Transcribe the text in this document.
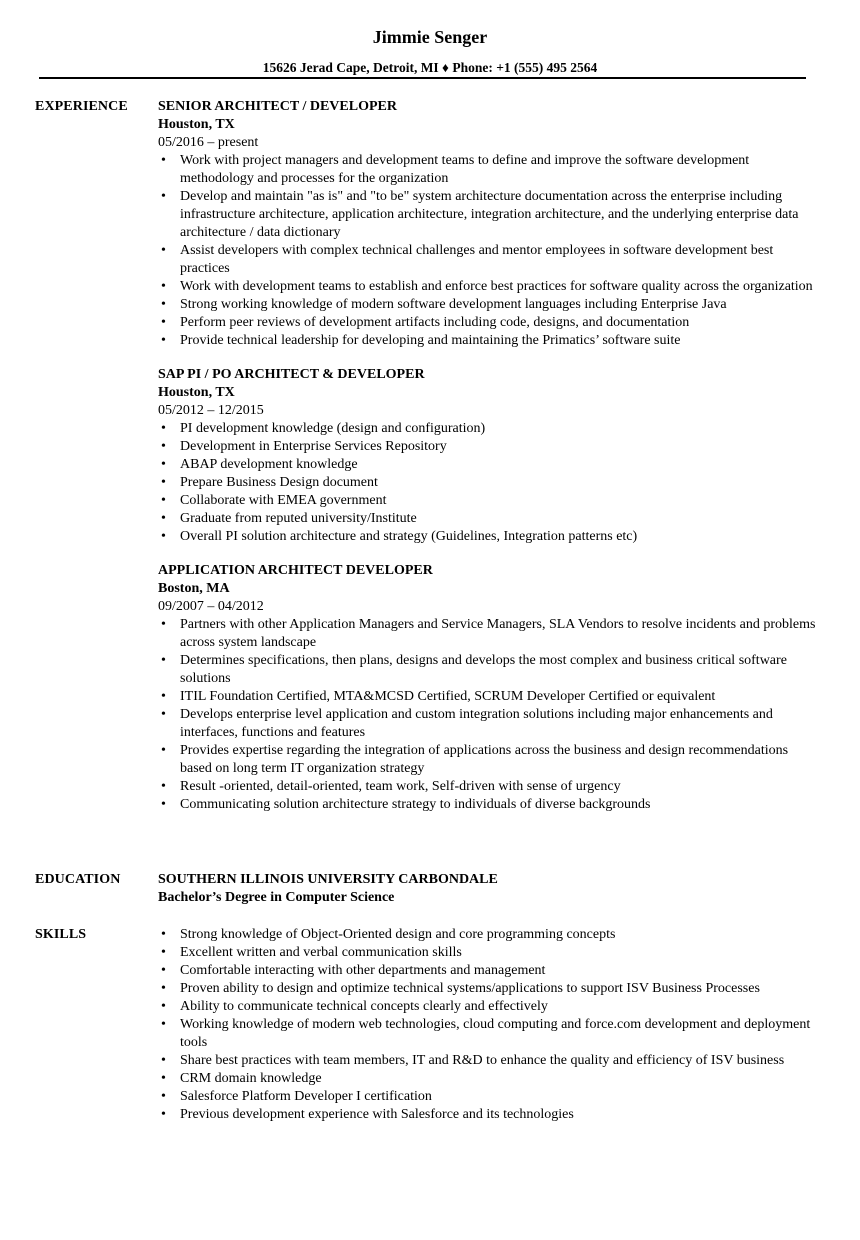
Jimmie Senger
15626 Jerad Cape, Detroit, MI ♦ Phone: +1 (555) 495 2564
EXPERIENCE SENIOR ARCHITECT / DEVELOPER
Houston, TX
05/2016 – present
• Work with project managers and development teams to define and improve the software development methodology and processes for the organization
• Develop and maintain "as is" and "to be" system architecture documentation across the enterprise including infrastructure architecture, application architecture, integration architecture, and the underlying enterprise data architecture / data dictionary
• Assist developers with complex technical challenges and mentor employees in software development best practices
• Work with development teams to establish and enforce best practices for software quality across the organization
• Strong working knowledge of modern software development languages including Enterprise Java
• Perform peer reviews of development artifacts including code, designs, and documentation
• Provide technical leadership for developing and maintaining the Primatics’ software suite
SAP PI / PO ARCHITECT & DEVELOPER
Houston, TX
05/2012 – 12/2015
• PI development knowledge (design and configuration)
• Development in Enterprise Services Repository
• ABAP development knowledge
• Prepare Business Design document
• Collaborate with EMEA government
• Graduate from reputed university/Institute
• Overall PI solution architecture and strategy (Guidelines, Integration patterns etc)
APPLICATION ARCHITECT DEVELOPER
Boston, MA
09/2007 – 04/2012
• Partners with other Application Managers and Service Managers, SLA Vendors to resolve incidents and problems across system landscape
• Determines specifications, then plans, designs and develops the most complex and business critical software solutions
• ITIL Foundation Certified, MTA&MCSD Certified, SCRUM Developer Certified or equivalent
• Develops enterprise level application and custom integration solutions including major enhancements and interfaces, functions and features
• Provides expertise regarding the integration of applications across the business and design recommendations based on long term IT organization strategy
• Result -oriented, detail-oriented, team work, Self-driven with sense of urgency
• Communicating solution architecture strategy to individuals of diverse backgrounds
EDUCATION	SOUTHERN ILLINOIS UNIVERSITY CARBONDALE
Bachelor’s Degree in Computer Science
SKILLS	• Strong knowledge of Object-Oriented design and core programming concepts
• Excellent written and verbal communication skills
• Comfortable interacting with other departments and management
• Proven ability to design and optimize technical systems/applications to support ISV Business Processes
• Ability to communicate technical concepts clearly and effectively
• Working knowledge of modern web technologies, cloud computing and force.com development and deployment tools
• Share best practices with team members, IT and R&D to enhance the quality and efficiency of ISV business
• CRM domain knowledge
• Salesforce Platform Developer I certification
• Previous development experience with Salesforce and its technologies
